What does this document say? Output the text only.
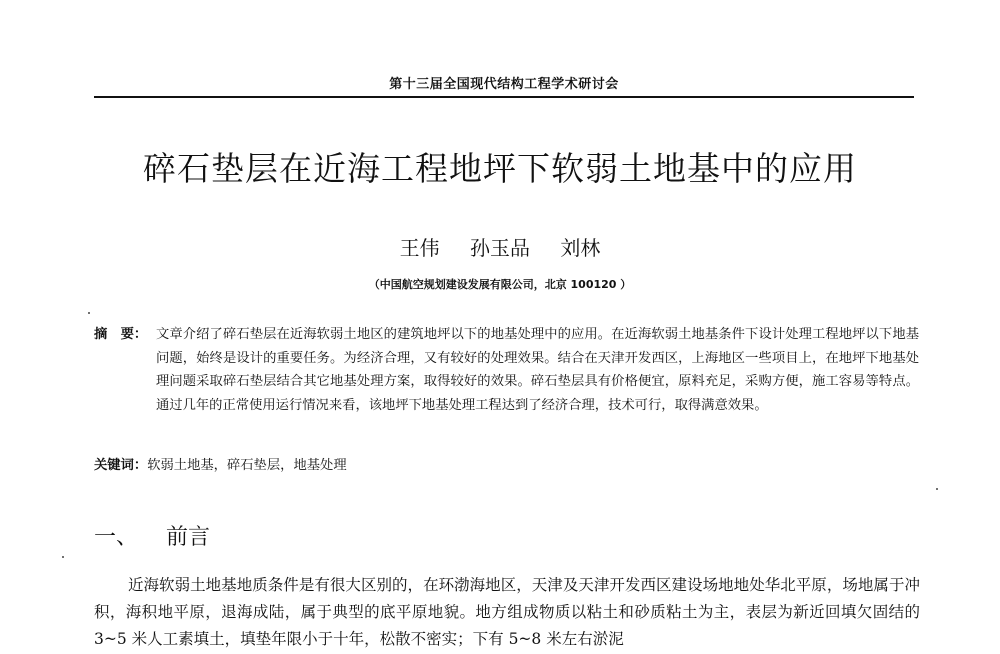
第十三届全国现代结构工程学术研讨会
碎石垫层在近海工程地坪下软弱土地基中的应用
王伟 孙玉品 刘林
（中国航空规划建设发展有限公司，北京 100120 ）
摘　要： 文章介绍了碎石垫层在近海软弱土地区的建筑地坪以下的地基处理中的应用。在近海软弱土地基条件下设计处理工程地坪以下地基问题，始终是设计的重要任务。为经济合理，又有较好的处理效果。结合在天津开发西区，上海地区一些项目上，在地坪下地基处理问题采取碎石垫层结合其它地基处理方案，取得较好的效果。碎石垫层具有价格便宜，原料充足，采购方便，施工容易等特点。通过几年的正常使用运行情况来看，该地坪下地基处理工程达到了经济合理，技术可行，取得满意效果。
关键词：软弱土地基，碎石垫层，地基处理
一、 前言
近海软弱土地基地质条件是有很大区别的，在环渤海地区，天津及天津开发西区建设场地地处华北平原，场地属于冲积，海积地平原，退海成陆，属于典型的底平原地貌。地方组成物质以粘土和砂质粘土为主，表层为新近回填欠固结的 3~5 米人工素填土，填垫年限小于十年，松散不密实；下有 5~8 米左右淤泥
